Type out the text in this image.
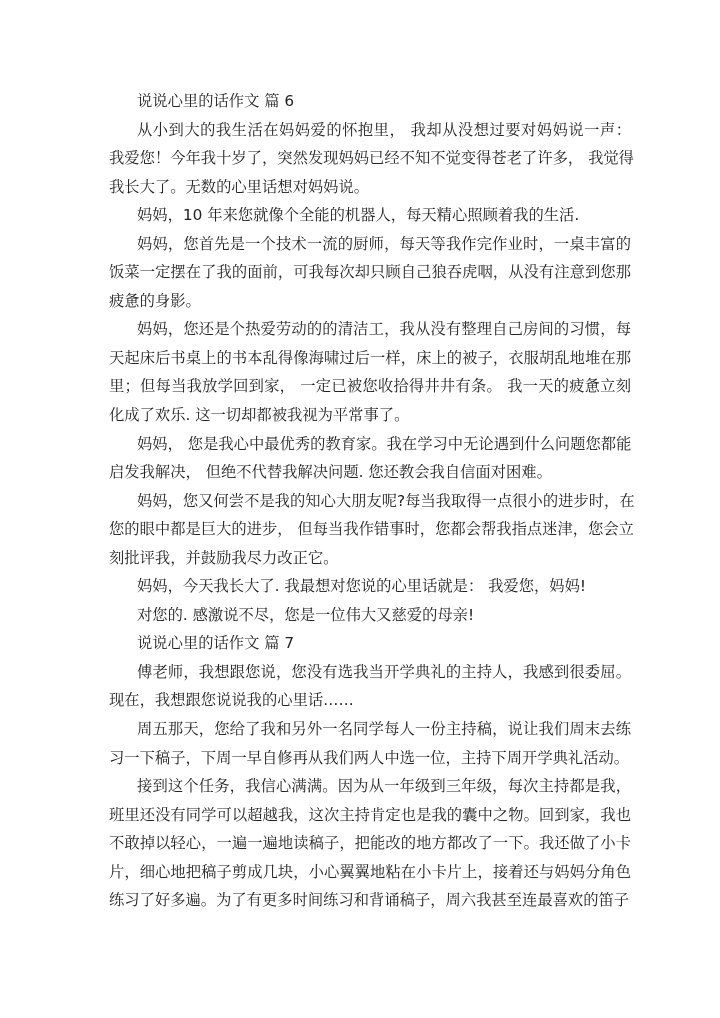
说说心里的话作文 篇 6
从小到大的我生活在妈妈爱的怀抱里， 我却从没想过要对妈妈说一声：
我爱您！今年我十岁了，突然发现妈妈已经不知不觉变得苍老了许多， 我觉得
我长大了。无数的心里话想对妈妈说。
妈妈，10 年来您就像个全能的机器人，每天精心照顾着我的生活.
妈妈，您首先是一个技术一流的厨师，每天等我作完作业时，一桌丰富的
饭菜一定摆在了我的面前，可我每次却只顾自己狼吞虎咽，从没有注意到您那
疲惫的身影。
妈妈，您还是个热爱劳动的的清洁工，我从没有整理自己房间的习惯，每
天起床后书桌上的书本乱得像海啸过后一样，床上的被子，衣服胡乱地堆在那
里；但每当我放学回到家， 一定已被您收拾得井井有条。 我一天的疲惫立刻
化成了欢乐. 这一切却都被我视为平常事了。
妈妈， 您是我心中最优秀的教育家。我在学习中无论遇到什么问题您都能
启发我解决， 但绝不代替我解决问题. 您还教会我自信面对困难。
妈妈，您又何尝不是我的知心大朋友呢?每当我取得一点很小的进步时，在
您的眼中都是巨大的进步， 但每当我作错事时，您都会帮我指点迷津，您会立
刻批评我，并鼓励我尽力改正它。
妈妈，今天我长大了. 我最想对您说的心里话就是： 我爱您，妈妈!
对您的. 感激说不尽，您是一位伟大又慈爱的母亲!
说说心里的话作文 篇 7
傅老师，我想跟您说，您没有选我当开学典礼的主持人，我感到很委屈。
现在，我想跟您说说我的心里话……
周五那天，您给了我和另外一名同学每人一份主持稿，说让我们周末去练
习一下稿子，下周一早自修再从我们两人中选一位，主持下周开学典礼活动。
接到这个任务，我信心满满。因为从一年级到三年级，每次主持都是我，
班里还没有同学可以超越我，这次主持肯定也是我的囊中之物。回到家，我也
不敢掉以轻心，一遍一遍地读稿子，把能改的地方都改了一下。我还做了小卡
片，细心地把稿子剪成几块，小心翼翼地粘在小卡片上，接着还与妈妈分角色
练习了好多遍。为了有更多时间练习和背诵稿子，周六我甚至连最喜欢的笛子
